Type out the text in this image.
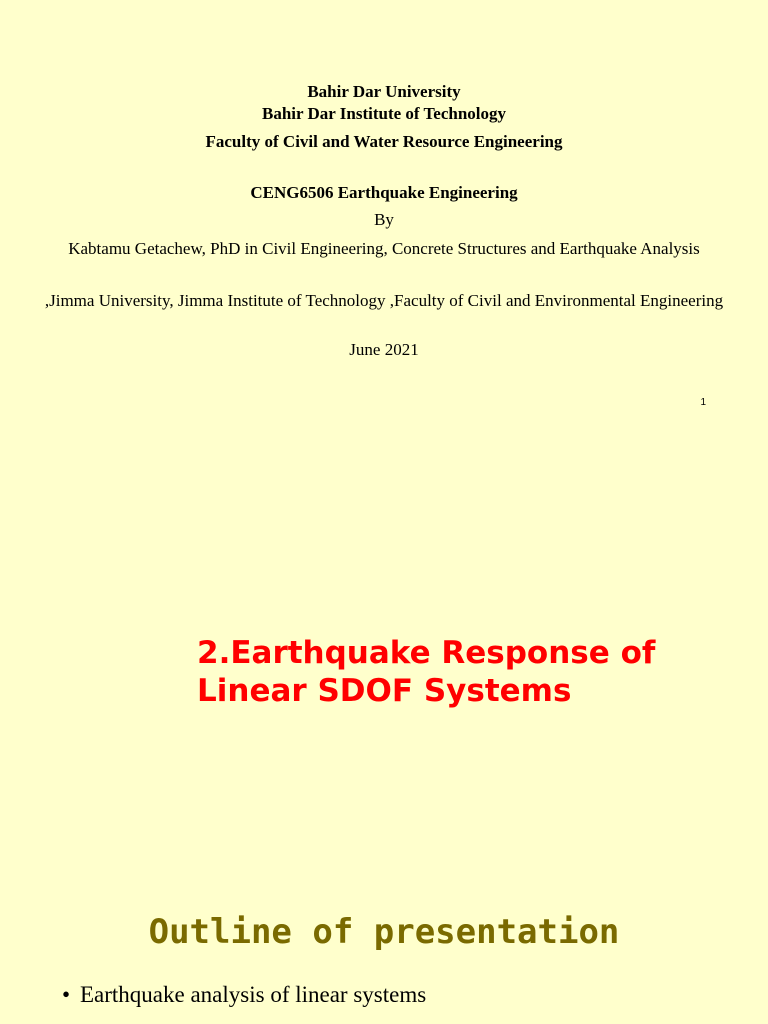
Bahir Dar University
Bahir Dar Institute of Technology
Faculty of Civil and Water Resource Engineering
CENG6506 Earthquake Engineering
By
Kabtamu Getachew, PhD in Civil Engineering, Concrete Structures and Earthquake Analysis
,Jimma University, Jimma Institute of Technology ,Faculty of Civil and Environmental Engineering
June 2021
1
2.Earthquake Response of Linear SDOF Systems
Outline of presentation
• Earthquake analysis of linear systems
